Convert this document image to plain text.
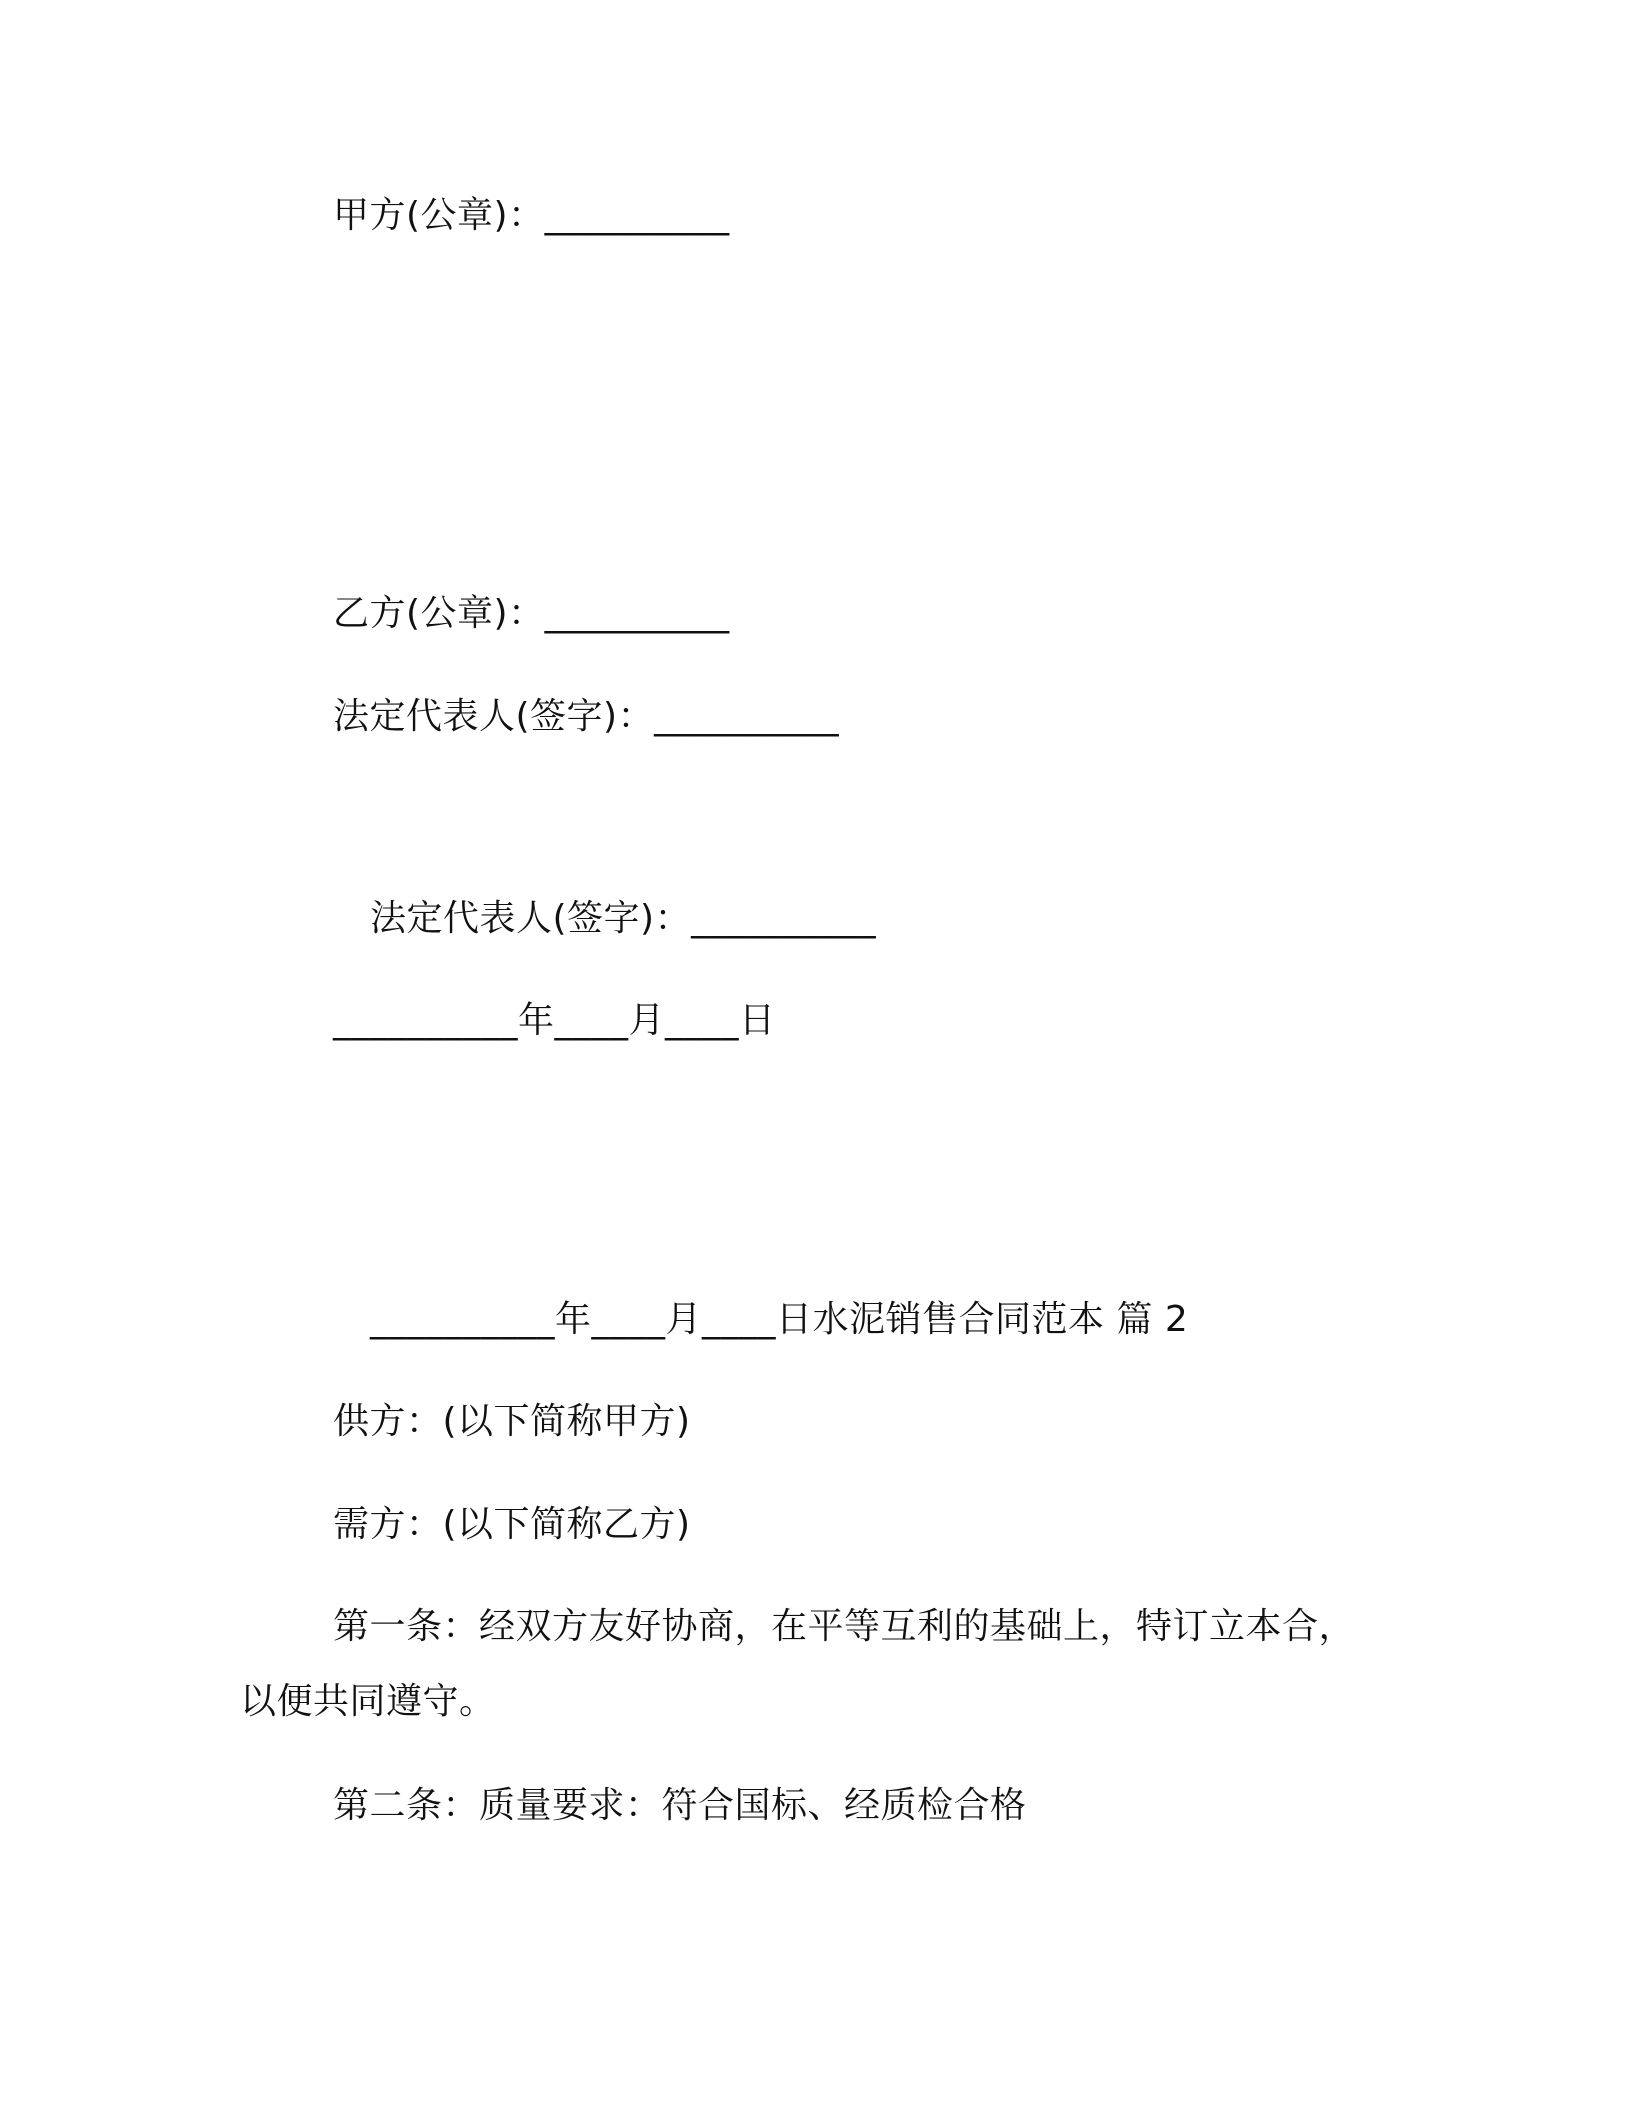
甲方(公章)：__________
乙方(公章)：__________
法定代表人(签字)：__________
法定代表人(签字)：__________
__________年____月____日
__________年____月____日水泥销售合同范本 篇 2
供方：(以下简称甲方)
需方：(以下简称乙方)
第一条：经双方友好协商，在平等互利的基础上，特订立本合，
以便共同遵守。
第二条：质量要求：符合国标、经质检合格
